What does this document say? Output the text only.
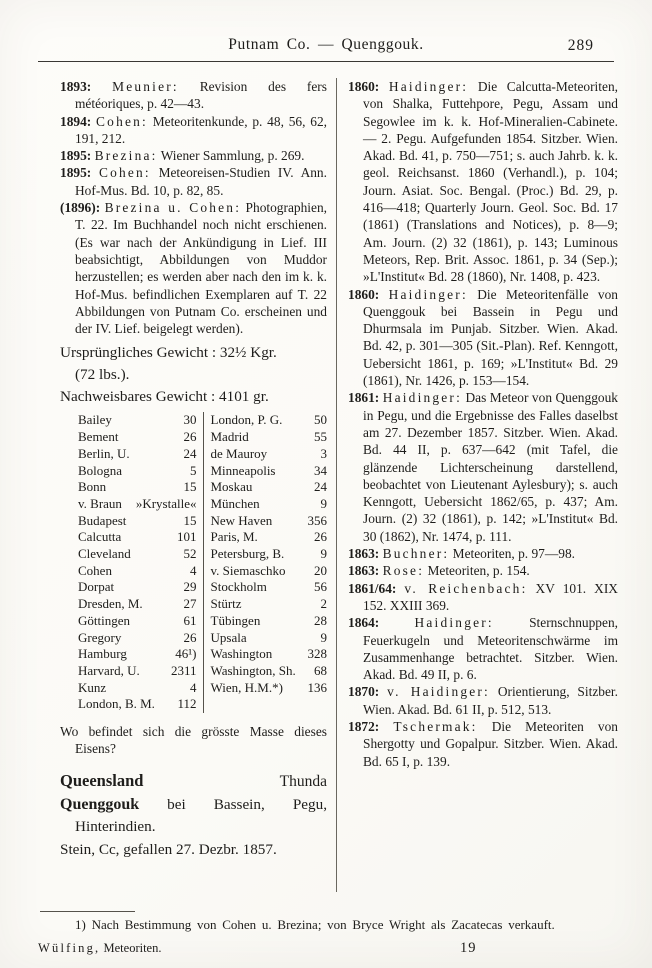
Putnam Co. — Quenggouk.	289

1893: Meunier: Revision des fers météoriques, p. 42—43.

1894: Cohen: Meteoritenkunde, p. 48, 56, 62, 191, 212.

1895: Brezina: Wiener Sammlung, p. 269.

1895: Cohen: Meteoreisen-Studien IV. Ann. Hof-Mus. Bd. 10, p. 82, 85.

(1896): Brezina u. Cohen: Photographien, T. 22. Im Buchhandel noch nicht erschienen. (Es war nach der Ankündigung in Lief. III beabsichtigt, Abbildungen von Muddor herzustellen; es werden aber nach den im k. k. Hof-Mus. befindlichen Exemplaren auf T. 22 Abbildungen von Putnam Co. erscheinen und der IV. Lief. beigelegt werden).

Ursprüngliches Gewicht : 32½ Kgr.
(72 lbs.).

Nachweisbares Gewicht : 4101 gr.

Bailey	30 London, P. G.	50
Bement	26 Madrid	55
Berlin, U.	24 de Mauroy	3
Bologna	5 Minneapolis	34
Bonn	15 Moskau	24
v. Braun	»Krystalle« München	9
Budapest	15 New Haven	356
Calcutta	101 Paris, M.	26
Cleveland	52 Petersburg, B.	9
Cohen	4 v. Siemaschko	20
Dorpat	29 Stockholm	56
Dresden, M.	27 Stürtz	2
Göttingen	61 Tübingen	28
Gregory	26 Upsala	9
Hamburg	46¹) Washington	328
Harvard, U.	2311 Washington, Sh.	68
Kunz	4 Wien, H.M.*)	136
London, B. M.	112

Wo befindet sich die grösste Masse dieses Eisens?

Queensland	Thunda

Quenggouk bei Bassein, Pegu, Hinterindien.

Stein, Cc, gefallen 27. Dezbr. 1857.

1860: Haidinger: Die Calcutta-Meteoriten, von Shalka, Futtehpore, Pegu, Assam und Segowlee im k. k. Hof-Mineralien-Cabinete. — 2. Pegu. Aufgefunden 1854. Sitzber. Wien. Akad. Bd. 41, p. 750—751; s. auch Jahrb. k. k. geol. Reichsanst. 1860 (Verhandl.), p. 104; Journ. Asiat. Soc. Bengal. (Proc.) Bd. 29, p. 416—418; Quarterly Journ. Geol. Soc. Bd. 17 (1861) (Translations and Notices), p. 8—9; Am. Journ. (2) 32 (1861), p. 143; Luminous Meteors, Rep. Brit. Assoc. 1861, p. 34 (Sep.); »L'Institut« Bd. 28 (1860), Nr. 1408, p. 423.

1860: Haidinger: Die Meteoritenfälle von Quenggouk bei Bassein in Pegu und Dhurmsala im Punjab. Sitzber. Wien. Akad. Bd. 42, p. 301—305 (Sit.-Plan). Ref. Kenngott, Uebersicht 1861, p. 169; »L'Institut« Bd. 29 (1861), Nr. 1426, p. 153—154.

1861: Haidinger: Das Meteor von Quenggouk in Pegu, und die Ergebnisse des Falles daselbst am 27. Dezember 1857. Sitzber. Wien. Akad. Bd. 44 II, p. 637—642 (mit Tafel, die glänzende Lichterscheinung darstellend, beobachtet von Lieutenant Aylesbury); s. auch Kenngott, Uebersicht 1862/65, p. 437; Am. Journ. (2) 32 (1861), p. 142; »L'Institut« Bd. 30 (1862), Nr. 1474, p. 111.

1863: Buchner: Meteoriten, p. 97—98.

1863: Rose: Meteoriten, p. 154.

1861/64: v. Reichenbach: XV 101. XIX 152. XXIII 369.

1864:	Haidinger:	Sternschnuppen, Feuerkugeln und Meteoritenschwärme im Zusammenhange betrachtet. Sitzber. Wien. Akad. Bd. 49 II, p. 6.

1870: v. Haidinger: Orientierung, Sitzber. Wien. Akad. Bd. 61 II, p. 512, 513.

1872: Tschermak: Die Meteoriten von Shergotty und Gopalpur. Sitzber. Wien. Akad. Bd. 65 I, p. 139.

1) Nach Bestimmung von Cohen u. Brezina; von Bryce Wright als Zacatecas verkauft.

Wülfing, Meteoriten.	19
